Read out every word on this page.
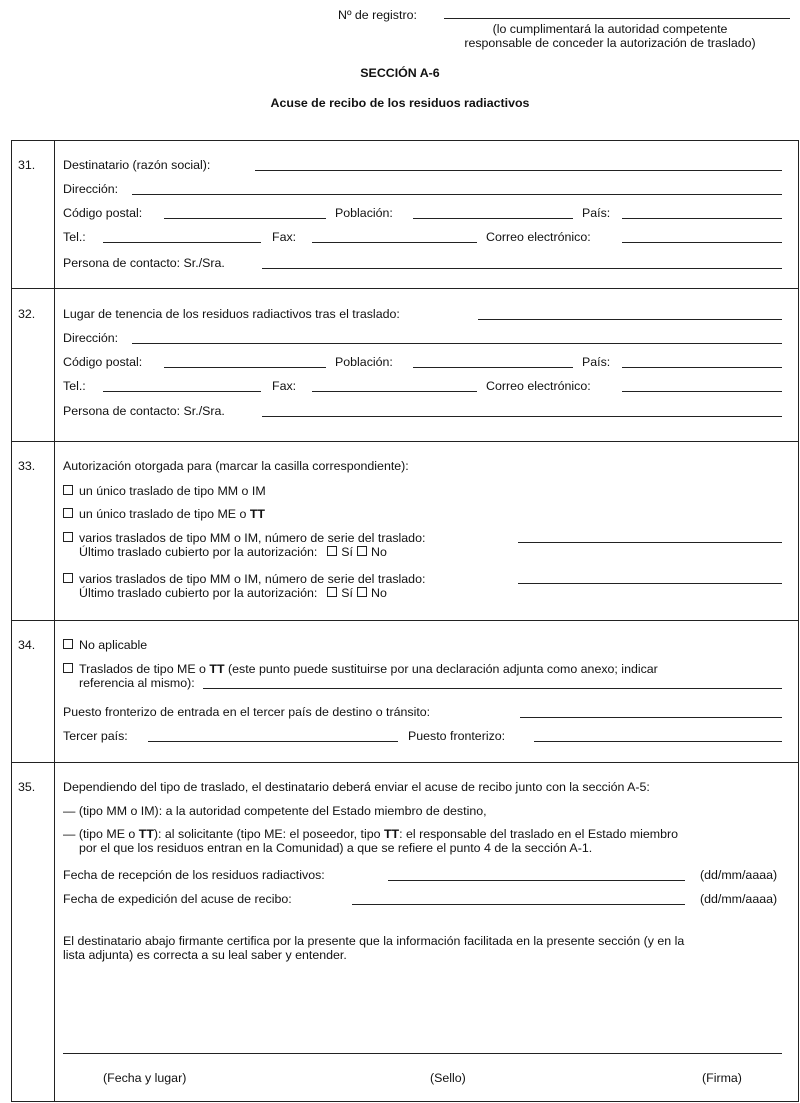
Nº de registro:
(lo cumplimentará la autoridad competente
responsable de conceder la autorización de traslado)
SECCIÓN A-6
Acuse de recibo de los residuos radiactivos
31. Destinatario (razón social):
Dirección:
Código postal:	Población:	País:
Tel.:	Fax:	Correo electrónico:
Persona de contacto: Sr./Sra.
32. Lugar de tenencia de los residuos radiactivos tras el traslado:
Dirección:
Código postal:	Población:	País:
Tel.:	Fax:	Correo electrónico:
Persona de contacto: Sr./Sra.
33. Autorización otorgada para (marcar la casilla correspondiente):
un único traslado de tipo MM o IM
un único traslado de tipo ME o TT
varios traslados de tipo MM o IM, número de serie del traslado:
Último traslado cubierto por la autorización: Sí No
varios traslados de tipo MM o IM, número de serie del traslado:
Último traslado cubierto por la autorización: Sí No
34.	No aplicable
Traslados de tipo ME o TT (este punto puede sustituirse por una declaración adjunta como anexo; indicar
referencia al mismo):
Puesto fronterizo de entrada en el tercer país de destino o tránsito:
Tercer país:	Puesto fronterizo:
35. Dependiendo del tipo de traslado, el destinatario deberá enviar el acuse de recibo junto con la sección A-5:
— (tipo MM o IM): a la autoridad competente del Estado miembro de destino,
— (tipo ME o TT): al solicitante (tipo ME: el poseedor, tipo TT: el responsable del traslado en el Estado miembro
por el que los residuos entran en la Comunidad) a que se refiere el punto 4 de la sección A-1.
Fecha de recepción de los residuos radiactivos:	(dd/mm/aaaa)
Fecha de expedición del acuse de recibo:	(dd/mm/aaaa)
El destinatario abajo firmante certifica por la presente que la información facilitada en la presente sección (y en la
lista adjunta) es correcta a su leal saber y entender.
(Fecha y lugar)	(Sello)	(Firma)
